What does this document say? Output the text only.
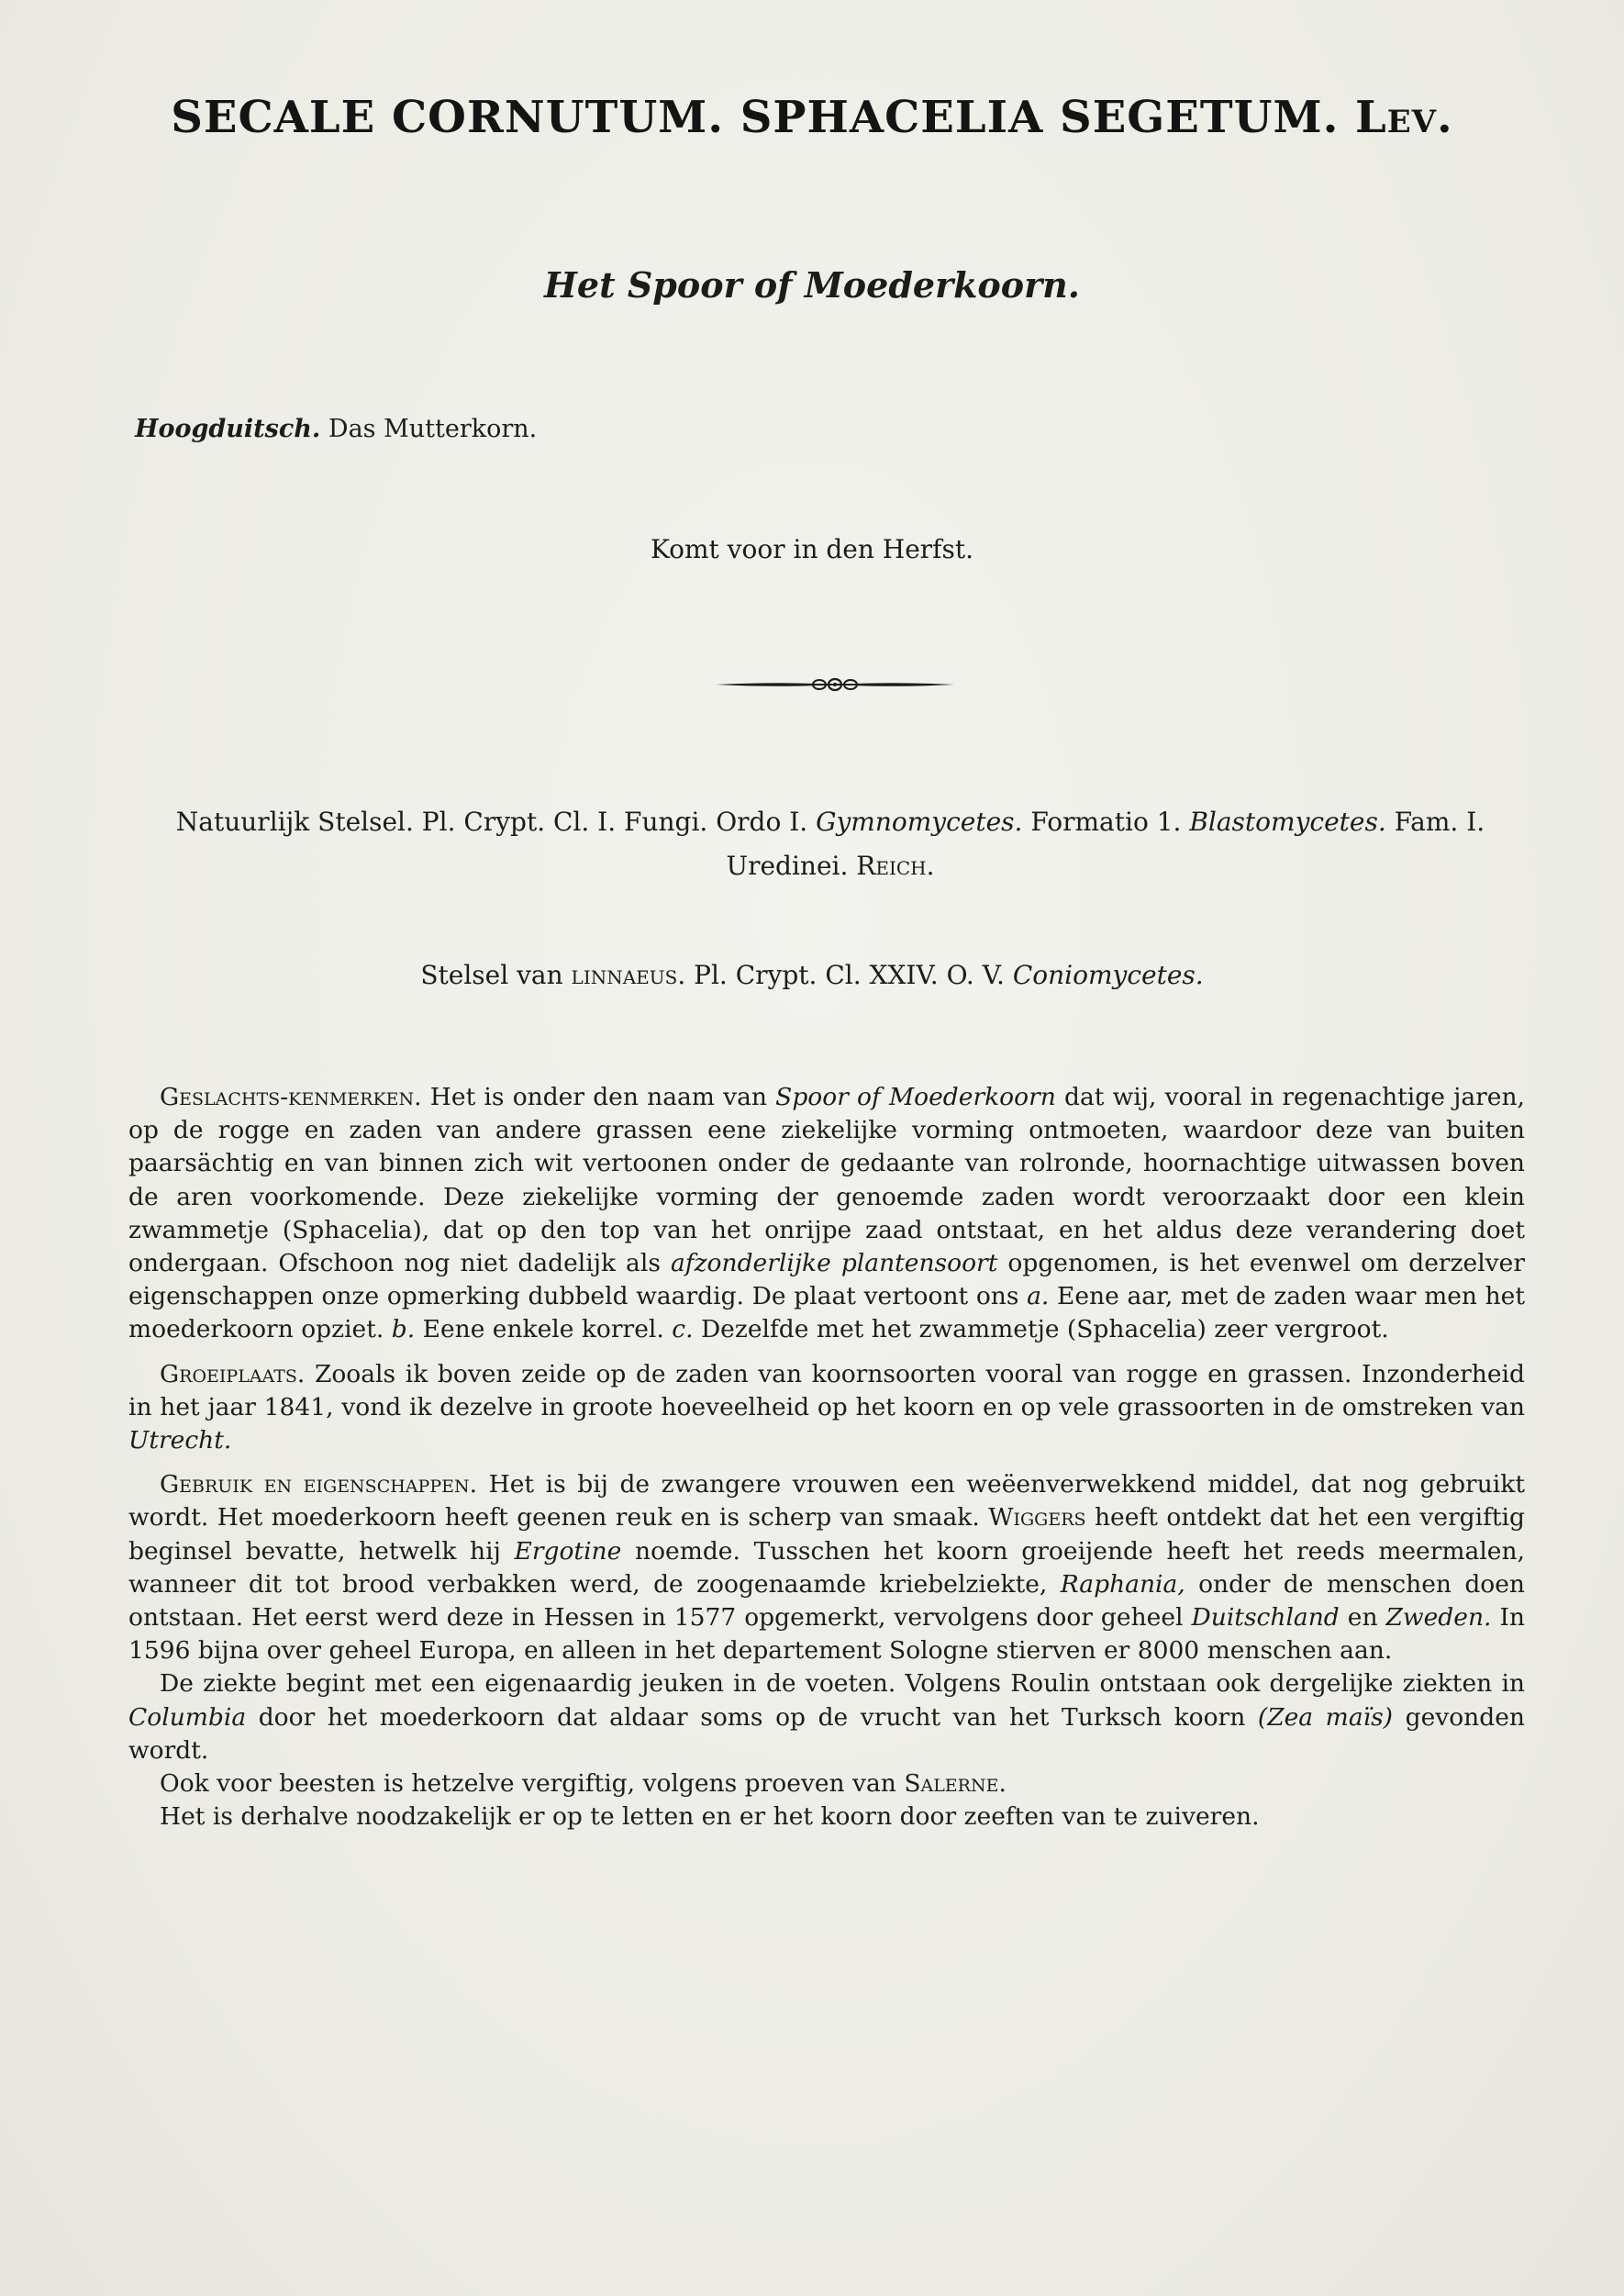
SECALE CORNUTUM. SPHACELIA SEGETUM. Lev.
Het Spoor of Moederkoorn.
Hoogduitsch. Das Mutterkorn.
Komt voor in den Herfst.
Natuurlijk Stelsel. Pl. Crypt. Cl. I. Fungi. Ordo I. Gymnomycetes. Formatio 1. Blastomycetes. Fam. I. Uredinei. Reich.
Stelsel van linnaeus. Pl. Crypt. Cl. XXIV. O. V. Coniomycetes.

Geslachts-kenmerken. Het is onder den naam van Spoor of Moederkoorn dat wij, vooral in regenachtige jaren, op de rogge en zaden van andere grassen eene ziekelijke vorming ontmoeten, waardoor deze van buiten paarsächtig en van binnen zich wit vertoonen onder de gedaante van rolronde, hoornachtige uitwassen boven de aren voorkomende. Deze ziekelijke vorming der genoemde zaden wordt veroorzaakt door een klein zwammetje (Sphacelia), dat op den top van het onrijpe zaad ontstaat, en het aldus deze verandering doet ondergaan. Ofschoon nog niet dadelijk als afzonderlijke plantensoort opgenomen, is het evenwel om derzelver eigenschappen onze opmerking dubbeld waardig. De plaat vertoont ons a. Eene aar, met de zaden waar men het moederkoorn opziet. b. Eene enkele korrel. c. Dezelfde met het zwammetje (Sphacelia) zeer vergroot.

Groeiplaats. Zooals ik boven zeide op de zaden van koornsoorten vooral van rogge en grassen. Inzonderheid in het jaar 1841, vond ik dezelve in groote hoeveelheid op het koorn en op vele grassoorten in de omstreken van Utrecht.

Gebruik en eigenschappen. Het is bij de zwangere vrouwen een weëenverwekkend middel, dat nog gebruikt wordt. Het moederkoorn heeft geenen reuk en is scherp van smaak. Wiggers heeft ontdekt dat het een vergiftig beginsel bevatte, hetwelk hij Ergotine noemde. Tusschen het koorn groeijende heeft het reeds meermalen, wanneer dit tot brood verbakken werd, de zoogenaamde kriebelziekte, Raphania, onder de menschen doen ontstaan. Het eerst werd deze in Hessen in 1577 opgemerkt, vervolgens door geheel Duitschland en Zweden. In 1596 bijna over geheel Europa, en alleen in het departement Sologne stierven er 8000 menschen aan.

De ziekte begint met een eigenaardig jeuken in de voeten. Volgens Roulin ontstaan ook dergelijke ziekten in Columbia door het moederkoorn dat aldaar soms op de vrucht van het Turksch koorn (Zea maïs) gevonden wordt.

Ook voor beesten is hetzelve vergiftig, volgens proeven van Salerne.

Het is derhalve noodzakelijk er op te letten en er het koorn door zeeften van te zuiveren.
